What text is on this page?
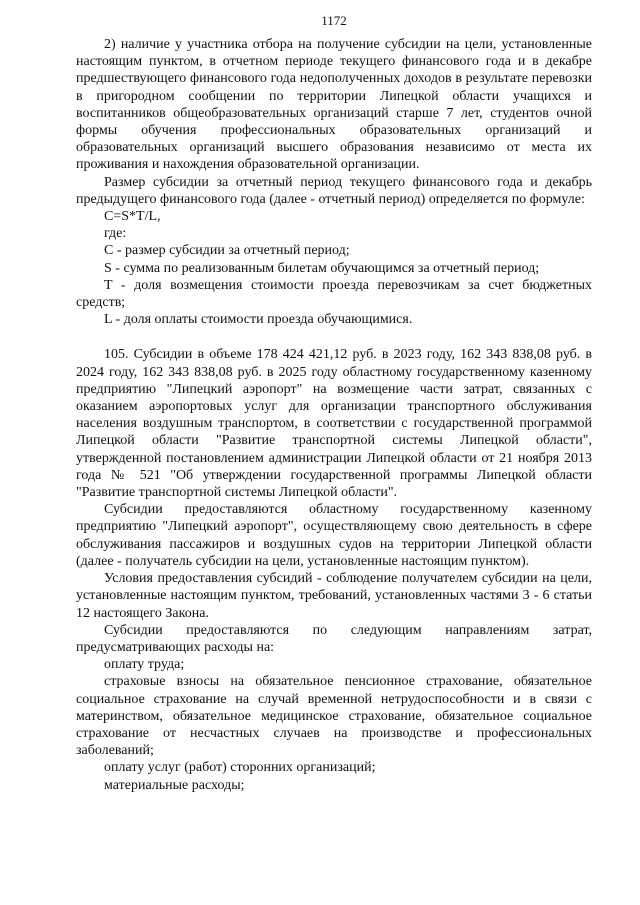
1172

2) наличие у участника отбора на получение субсидии на цели, установленные настоящим пунктом, в отчетном периоде текущего финансового года и в декабре предшествующего финансового года недополученных доходов в результате перевозки в пригородном сообщении по территории Липецкой области учащихся и воспитанников общеобразовательных организаций старше 7 лет, студентов очной формы обучения профессиональных образовательных организаций и образовательных организаций высшего образования независимо от места их проживания и нахождения образовательной организации.

Размер субсидии за отчетный период текущего финансового года и декабрь предыдущего финансового года (далее - отчетный период) определяется по формуле:

C=S*T/L,

где:

C - размер субсидии за отчетный период;

S - сумма по реализованным билетам обучающимся за отчетный период;

T - доля возмещения стоимости проезда перевозчикам за счет бюджетных средств;

L - доля оплаты стоимости проезда обучающимися.

105. Субсидии в объеме 178 424 421,12 руб. в 2023 году, 162 343 838,08 руб. в 2024 году, 162 343 838,08 руб. в 2025 году областному государственному казенному предприятию "Липецкий аэропорт" на возмещение части затрат, связанных с оказанием аэропортовых услуг для организации транспортного обслуживания населения воздушным транспортом, в соответствии с государственной программой Липецкой области "Развитие транспортной системы Липецкой области", утвержденной постановлением администрации Липецкой области от 21 ноября 2013 года № 521 "Об утверждении государственной программы Липецкой области "Развитие транспортной системы Липецкой области".

Субсидии предоставляются областному государственному казенному предприятию "Липецкий аэропорт", осуществляющему свою деятельность в сфере обслуживания пассажиров и воздушных судов на территории Липецкой области (далее - получатель субсидии на цели, установленные настоящим пунктом).

Условия предоставления субсидий - соблюдение получателем субсидии на цели, установленные настоящим пунктом, требований, установленных частями 3 - 6 статьи 12 настоящего Закона.

Субсидии предоставляются по следующим направлениям затрат, предусматривающих расходы на:

оплату труда;

страховые взносы на обязательное пенсионное страхование, обязательное социальное страхование на случай временной нетрудоспособности и в связи с материнством, обязательное медицинское страхование, обязательное социальное страхование от несчастных случаев на производстве и профессиональных заболеваний;

оплату услуг (работ) сторонних организаций;

материальные расходы;
